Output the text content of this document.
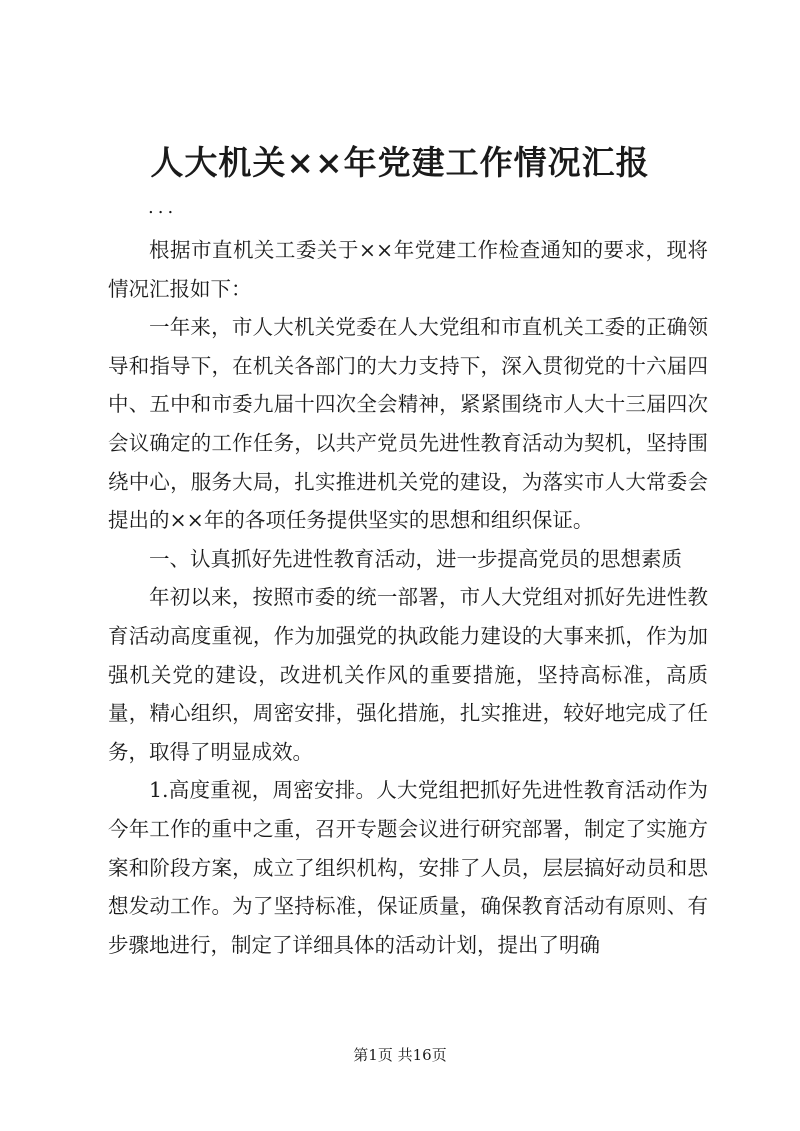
人大机关××年党建工作情况汇报
...

根据市直机关工委关于××年党建工作检查通知的要求，现将情况汇报如下：

一年来，市人大机关党委在人大党组和市直机关工委的正确领导和指导下，在机关各部门的大力支持下，深入贯彻党的十六届四中、五中和市委九届十四次全会精神，紧紧围绕市人大十三届四次会议确定的工作任务，以共产党员先进性教育活动为契机，坚持围绕中心，服务大局，扎实推进机关党的建设，为落实市人大常委会提出的××年的各项任务提供坚实的思想和组织保证。

一、认真抓好先进性教育活动，进一步提高党员的思想素质

年初以来，按照市委的统一部署，市人大党组对抓好先进性教育活动高度重视，作为加强党的执政能力建设的大事来抓，作为加强机关党的建设，改进机关作风的重要措施，坚持高标准，高质量，精心组织，周密安排，强化措施，扎实推进，较好地完成了任务，取得了明显成效。

1.高度重视，周密安排。人大党组把抓好先进性教育活动作为今年工作的重中之重，召开专题会议进行研究部署，制定了实施方案和阶段方案，成立了组织机构，安排了人员，层层搞好动员和思想发动工作。为了坚持标准，保证质量，确保教育活动有原则、有步骤地进行，制定了详细具体的活动计划，提出了明确

第1页 共16页
